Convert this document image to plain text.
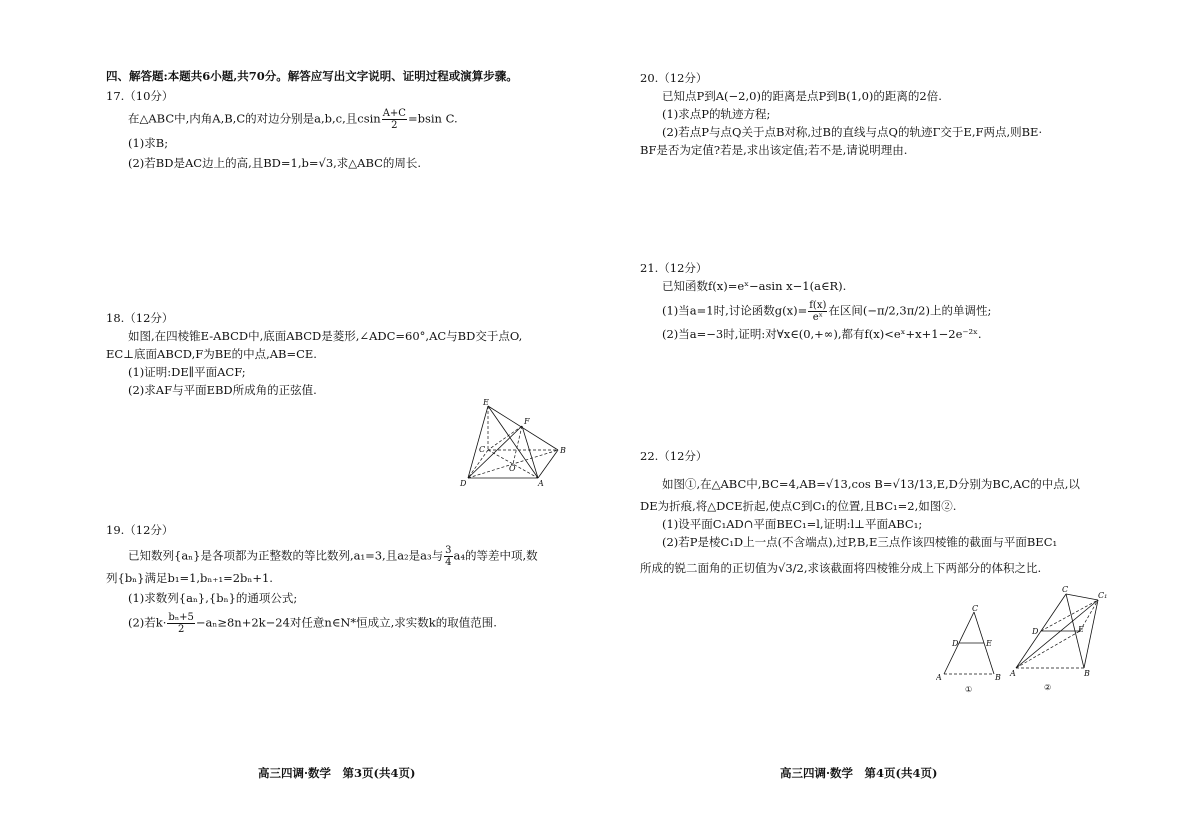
四、解答题:本题共6小题,共70分。解答应写出文字说明、证明过程或演算步骤。
17.（10分）
在△ABC中,内角A,B,C的对边分别是a,b,c,且csin $\frac{A+C}{2} =bsin$ C.
(1)求B;
(2)若BD是AC边上的高,且BD=1,b=√3,求△ABC的周长.
18.（12分）
如图,在四棱锥E-ABCD中,底面ABCD是菱形,∠ADC=60°,AC与BD交于点O,
EC⊥底面ABCD,F为BE的中点,AB=CE.
(1)证明:DE∥平面ACF;
(2)求AF与平面EBD所成角的正弦值.
E
F
C	B
O
D	A
19.（12分）
已知数列{aₙ}是各项都为正整数的等比数列,a₁=3,且a₂是a₃与 $\frac{3}{4} a_4$的等差中项,数
列{bₙ}满足b₁=1,bₙ₊₁=2bₙ+1.
(1)求数列{aₙ},{bₙ}的通项公式;
(2)若$k\cdot \frac{\text{bₙ+5}}{2} -a_n\ge 8n+2k-24$对任意n∈N*恒成立,求实数k的取值范围.
高三四调·数学　第3页(共4页)
20.（12分）
已知点P到A(−2,0)的距离是点P到B(1,0)的距离的2倍.
(1)求点P的轨迹方程;
(2)若点P与点Q关于点B对称,过B的直线与点Q的轨迹Γ交于E,F两点,则BE·
BF是否为定值?若是,求出该定值;若不是,请说明理由.
21.（12分）
已知函数f(x)=eˣ−asin x−1(a∈R).
(1)当a=1时,讨论函数$g(x)= \frac{f(x)}{\text{eˣ}}$ 在区间(−π/2,3π/2)上的单调性;
(2)当a=−3时,证明:对∀x∈(0,+∞),都有f(x)<eˣ+x+1−2e⁻²ˣ.
22.（12分）
如图①,在△ABC中,BC=4,AB=√13,cos B=√13/13,E,D分别为BC,AC的中点,以
DE为折痕,将△DCE折起,使点C到C₁的位置,且BC₁=2,如图②.
(1)设平面C₁AD∩平面BEC₁=l,证明:l⊥平面ABC₁;
(2)若P是棱C₁D上一点(不含端点),过P,B,E三点作该四棱锥的截面与平面BEC₁
所成的锐二面角的正切值为√3/2,求该截面将四棱锥分成上下两部分的体积之比.
C
D	E
A	B
①
C
C₁
D	E
A	B
②
高三四调·数学　第4页(共4页)
